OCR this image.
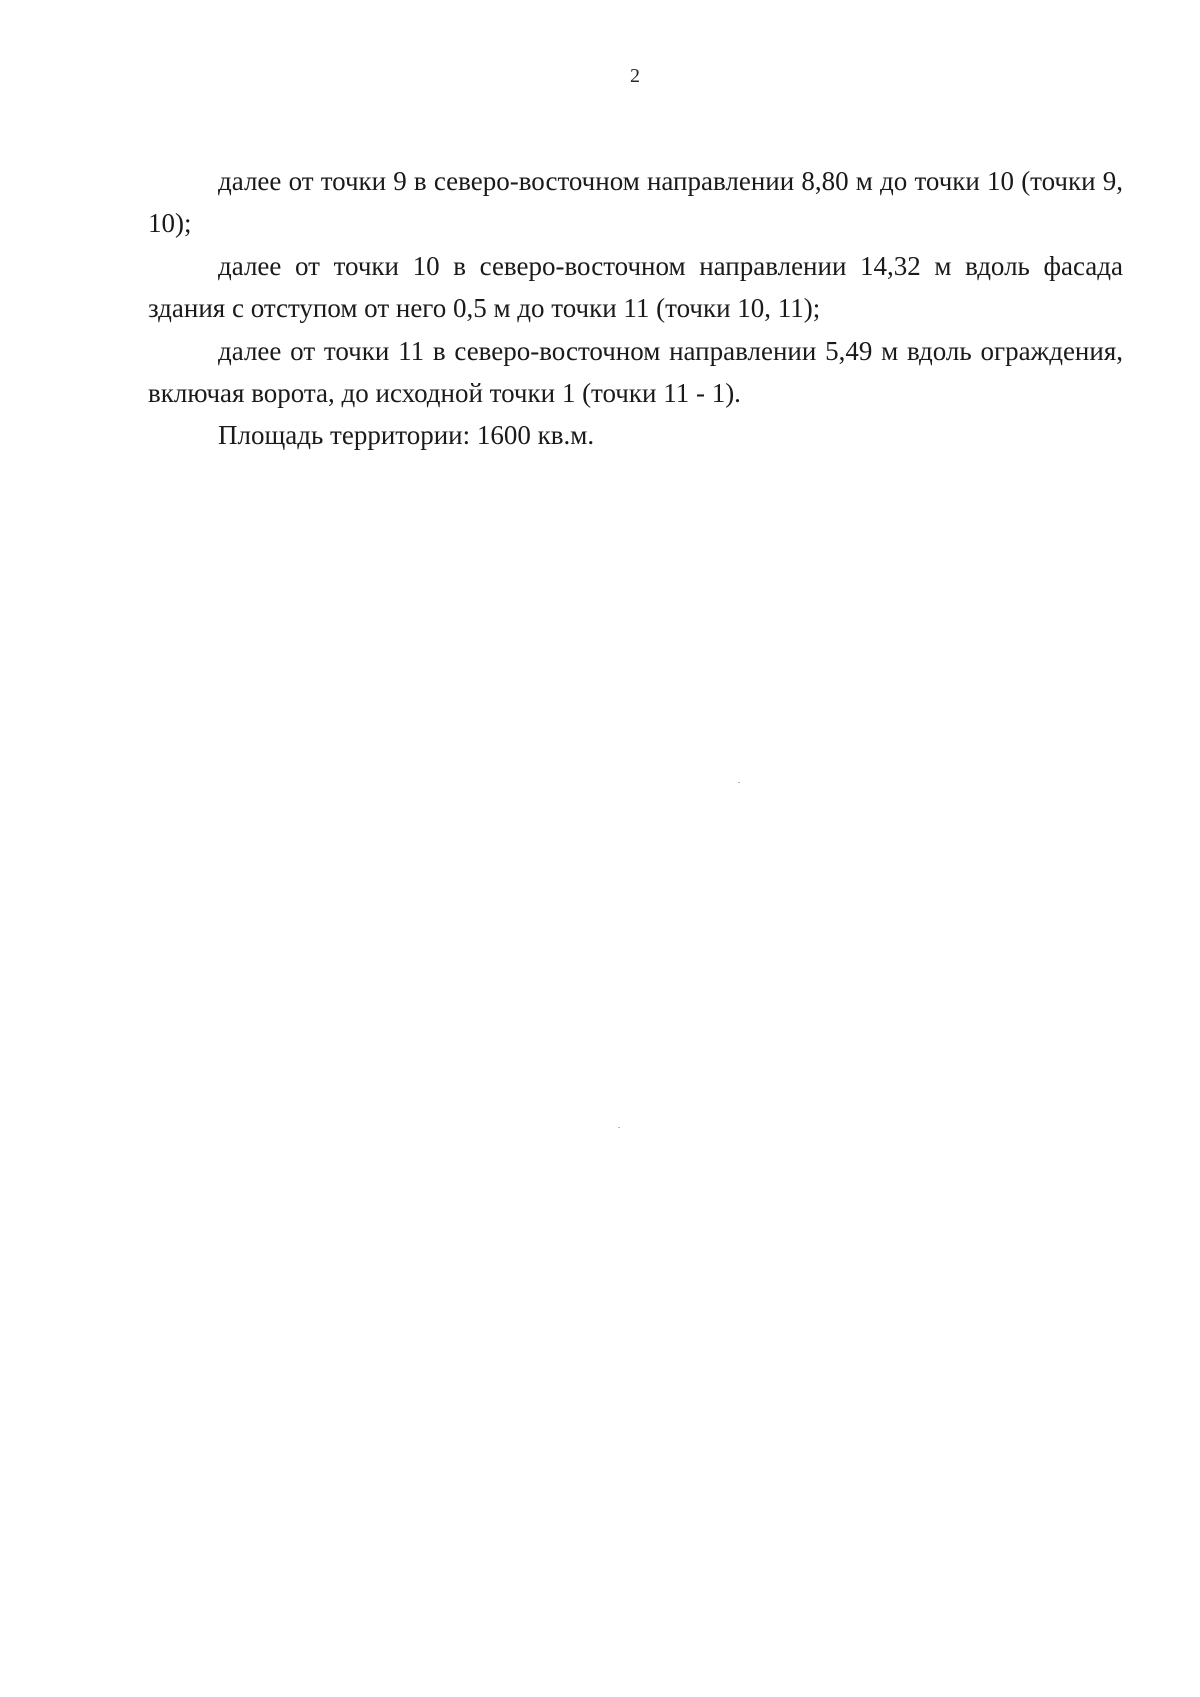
2

далее от точки 9 в северо-восточном направлении 8,80 м до точки 10 (точки 9, 10);

далее от точки 10 в северо-восточном направлении 14,32 м вдоль фасада здания с отступом от него 0,5 м до точки 11 (точки 10, 11);

далее от точки 11 в северо-восточном направлении 5,49 м вдоль ограждения, включая ворота, до исходной точки 1 (точки 11 - 1).

Площадь территории: 1600 кв.м.
